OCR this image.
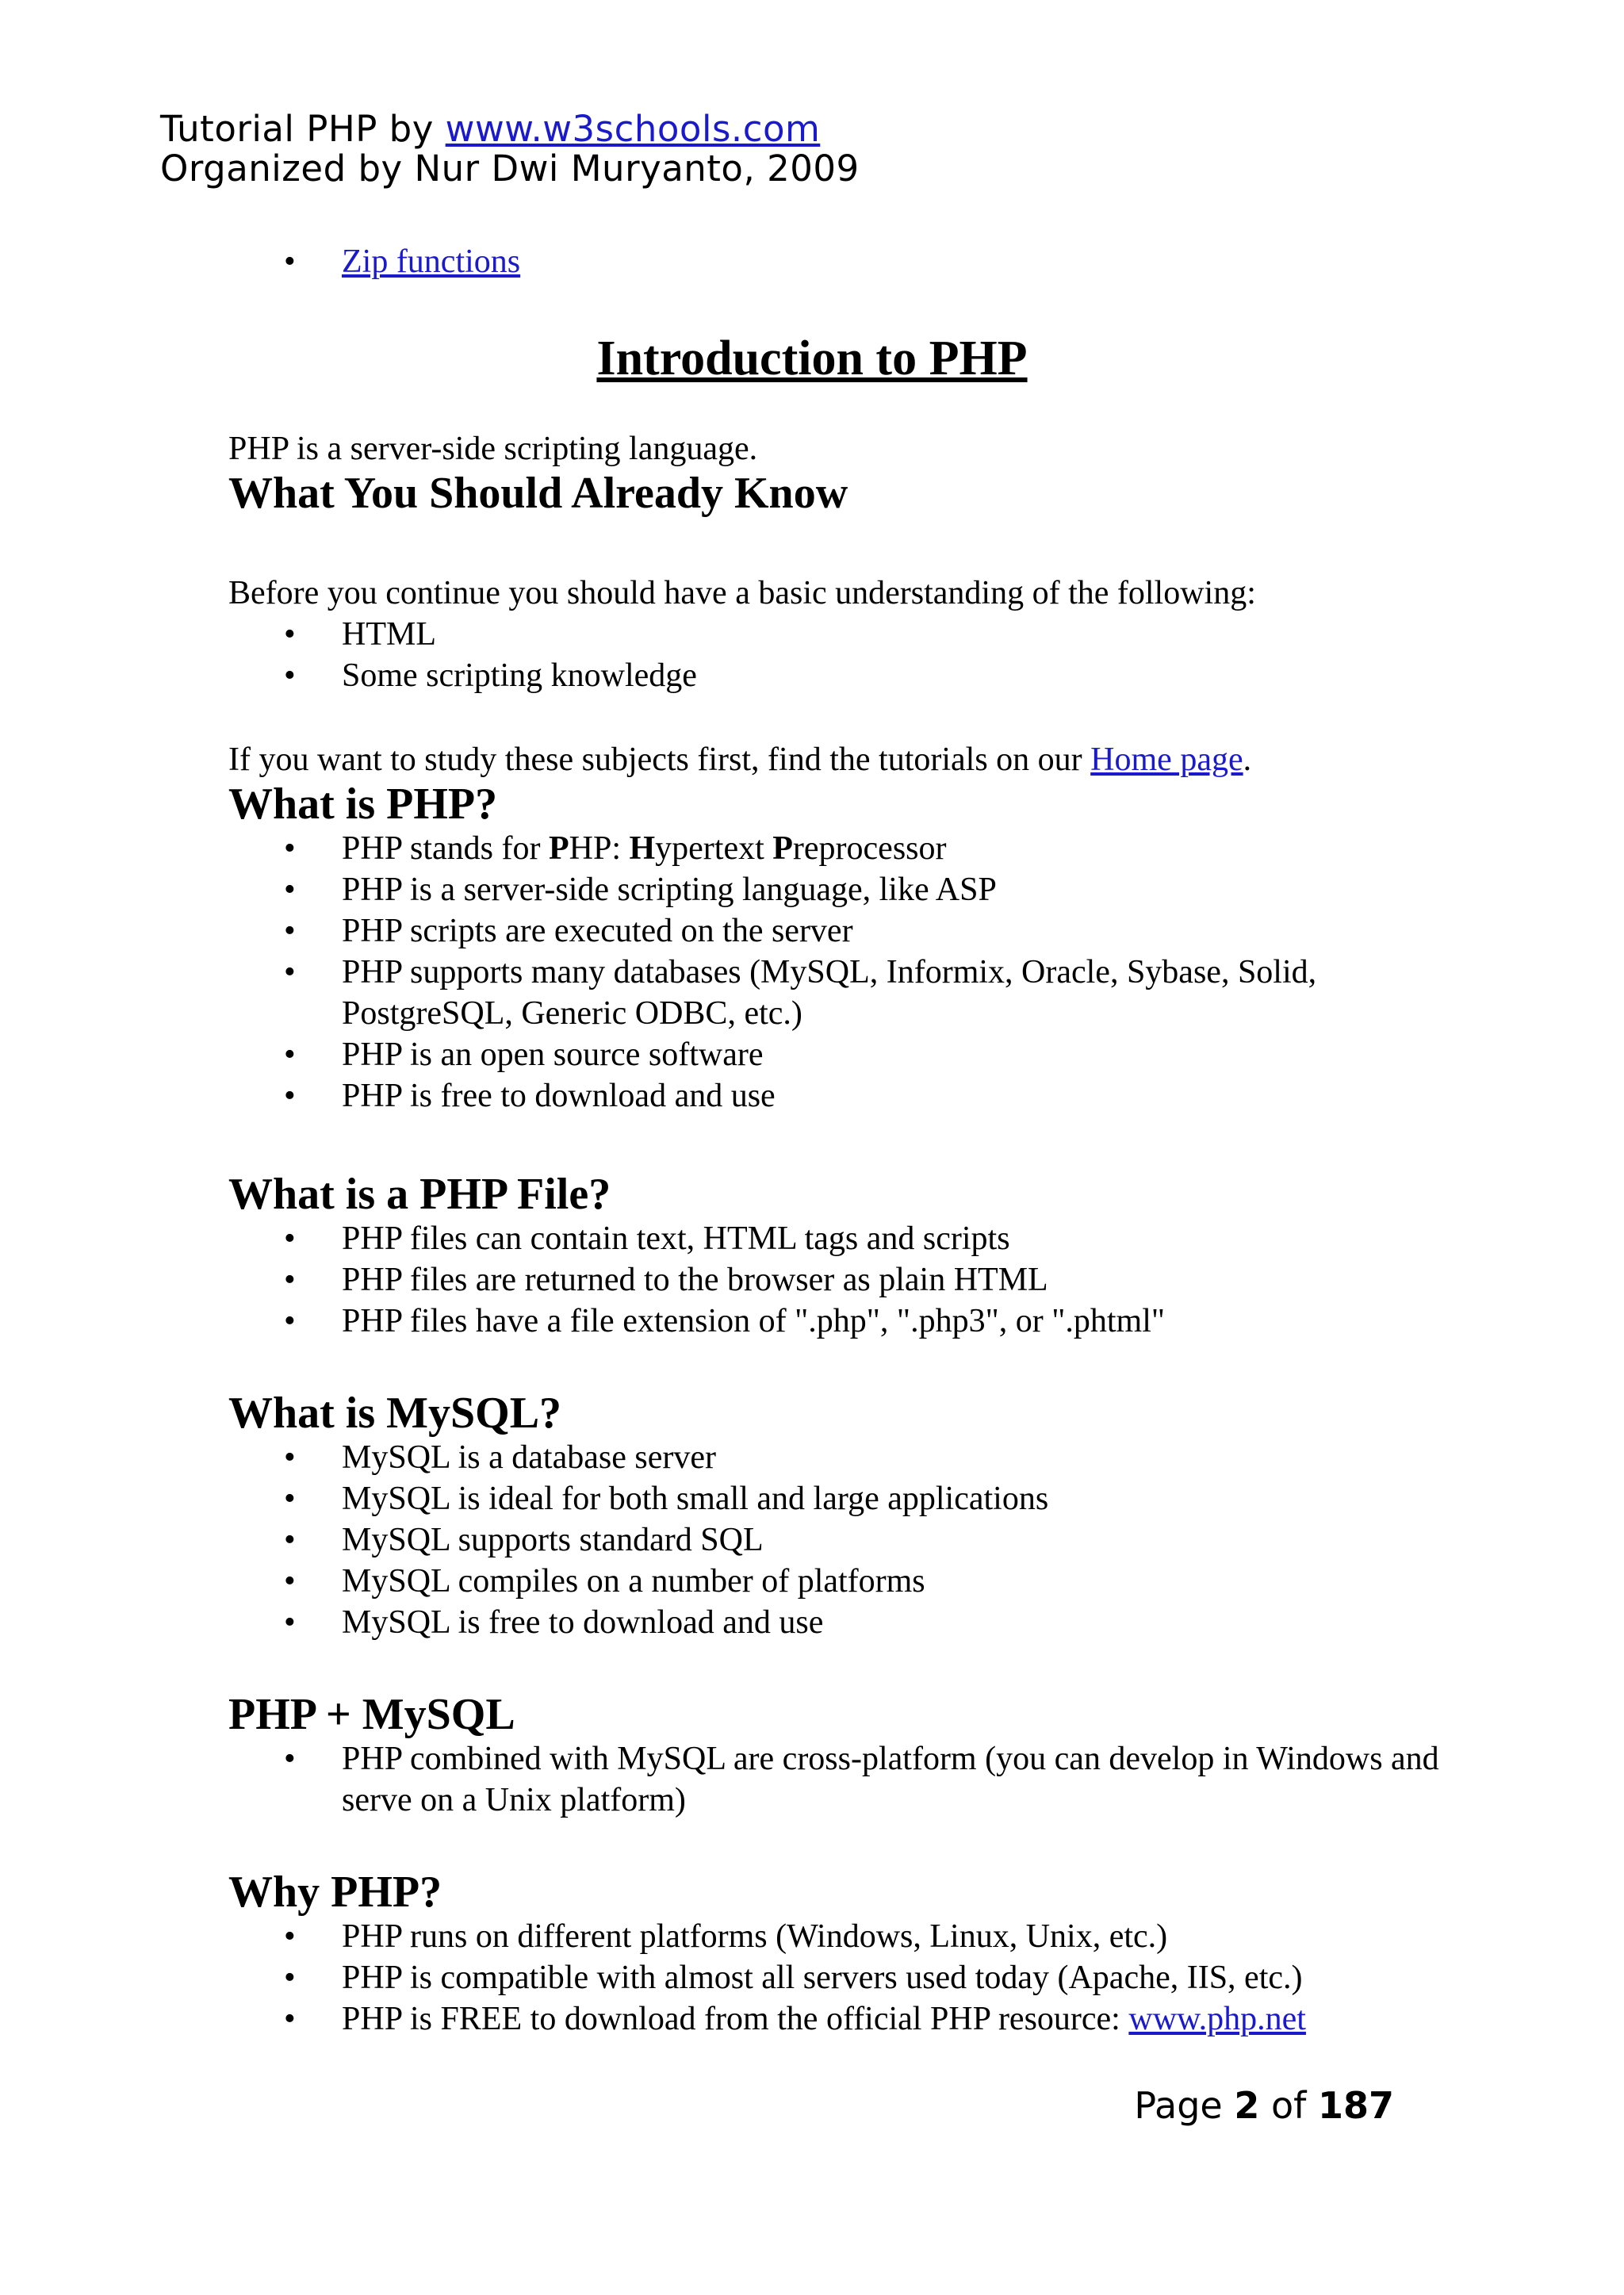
Tutorial PHP by www.w3schools.com
Organized by Nur Dwi Muryanto, 2009
• Zip functions
Introduction to PHP
PHP is a server-side scripting language.
What You Should Already Know
Before you continue you should have a basic understanding of the following:
• HTML
• Some scripting knowledge
If you want to study these subjects first, find the tutorials on our Home page.
What is PHP?
• PHP stands for PHP: Hypertext Preprocessor
• PHP is a server-side scripting language, like ASP
• PHP scripts are executed on the server
• PHP supports many databases (MySQL, Informix, Oracle, Sybase, Solid, PostgreSQL, Generic ODBC, etc.)
• PHP is an open source software
• PHP is free to download and use
What is a PHP File?
• PHP files can contain text, HTML tags and scripts
• PHP files are returned to the browser as plain HTML
• PHP files have a file extension of ".php", ".php3", or ".phtml"
What is MySQL?
• MySQL is a database server
• MySQL is ideal for both small and large applications
• MySQL supports standard SQL
• MySQL compiles on a number of platforms
• MySQL is free to download and use
PHP + MySQL
• PHP combined with MySQL are cross-platform (you can develop in Windows and serve on a Unix platform)
Why PHP?
• PHP runs on different platforms (Windows, Linux, Unix, etc.)
• PHP is compatible with almost all servers used today (Apache, IIS, etc.)
• PHP is FREE to download from the official PHP resource: www.php.net
Page 2 of 187
